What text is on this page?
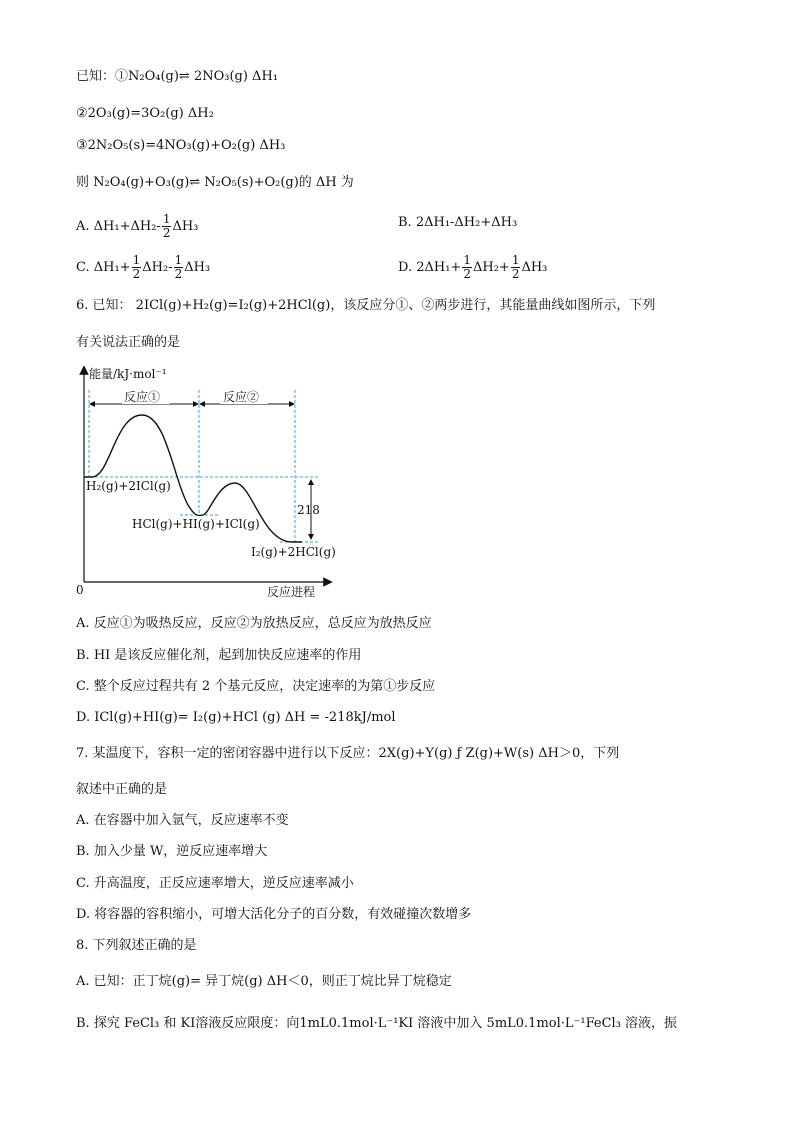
已知：①N₂O₄(g)⇌ 2NO₃(g) ΔH₁
②2O₃(g)=3O₂(g) ΔH₂
③2N₂O₅(s)=4NO₃(g)+O₂(g) ΔH₃
则 N₂O₄(g)+O₃(g)⇌ N₂O₅(s)+O₂(g)的 ΔH 为
A. $\Delta H_1+\Delta H_2- \frac{1}{2} \Delta H_3$	B. 2ΔH₁-ΔH₂+ΔH₃
C. $\Delta H_1+ \frac{1}{2} \Delta H_2- \frac{1}{2} \Delta H_3$	D. $2\Delta H_1+ \frac{1}{2} \Delta H_2+ \frac{1}{2} \Delta H_3$
6. 已知： 2ICl(g)+H₂(g)=I₂(g)+2HCl(g)，该反应分①、②两步进行，其能量曲线如图所示，下列
有关说法正确的是
能量/kJ·mol⁻¹
0	反应进程
反应①	反应②
218
H₂(g)+2ICl(g)
HCl(g)+HI(g)+ICl(g)
I₂(g)+2HCl(g)
A. 反应①为吸热反应，反应②为放热反应，总反应为放热反应
B. HI 是该反应催化剂，起到加快反应速率的作用
C. 整个反应过程共有 2 个基元反应，决定速率的为第①步反应
D. ICl(g)+HI(g)= I₂(g)+HCl (g) ΔH = -218kJ/mol
7. 某温度下，容积一定的密闭容器中进行以下反应：2X(g)+Y(g) ƒ Z(g)+W(s) ΔH＞0，下列
叙述中正确的是
A. 在容器中加入氩气，反应速率不变
B. 加入少量 W，逆反应速率增大
C. 升高温度，正反应速率增大，逆反应速率减小
D. 将容器的容积缩小，可增大活化分子的百分数，有效碰撞次数增多
8. 下列叙述正确的是
A. 已知：正丁烷(g)= 异丁烷(g) ΔH＜0，则正丁烷比异丁烷稳定
B. 探究 FeCl₃ 和 KI溶液反应限度：向1mL0.1mol·L⁻¹KI 溶液中加入 5mL0.1mol·L⁻¹FeCl₃ 溶液，振
